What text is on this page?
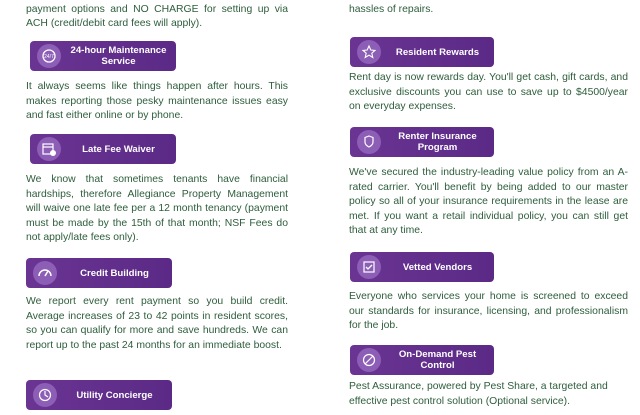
payment options and NO CHARGE for setting up via ACH (credit/debit card fees will apply).

24/7
24-hour Maintenance Service

It always seems like things happen after hours. This makes reporting those pesky maintenance issues easy and fast either online or by phone.

Late Fee Waiver

We know that sometimes tenants have financial hardships, therefore Allegiance Property Management will waive one late fee per a 12 month tenancy (payment must be made by the 15th of that month; NSF Fees do not apply/late fees only).

Credit Building

We report every rent payment so you build credit. Average increases of 23 to 42 points in resident scores, so you can qualify for more and save hundreds. We can report up to the past 24 months for an immediate boost.

Utility Concierge

hassles of repairs.

Resident Rewards

Rent day is now rewards day. You'll get cash, gift cards, and exclusive discounts you can use to save up to $4500/year on everyday expenses.

Renter Insurance Program

We've secured the industry-leading value policy from an A-rated carrier. You'll benefit by being added to our master policy so all of your insurance requirements in the lease are met. If you want a retail individual policy, you can still get that at any time.

Vetted Vendors

Everyone who services your home is screened to exceed our standards for insurance, licensing, and professionalism for the job.

On-Demand Pest Control

Pest Assurance, powered by Pest Share, a targeted and effective pest control solution (Optional service).
